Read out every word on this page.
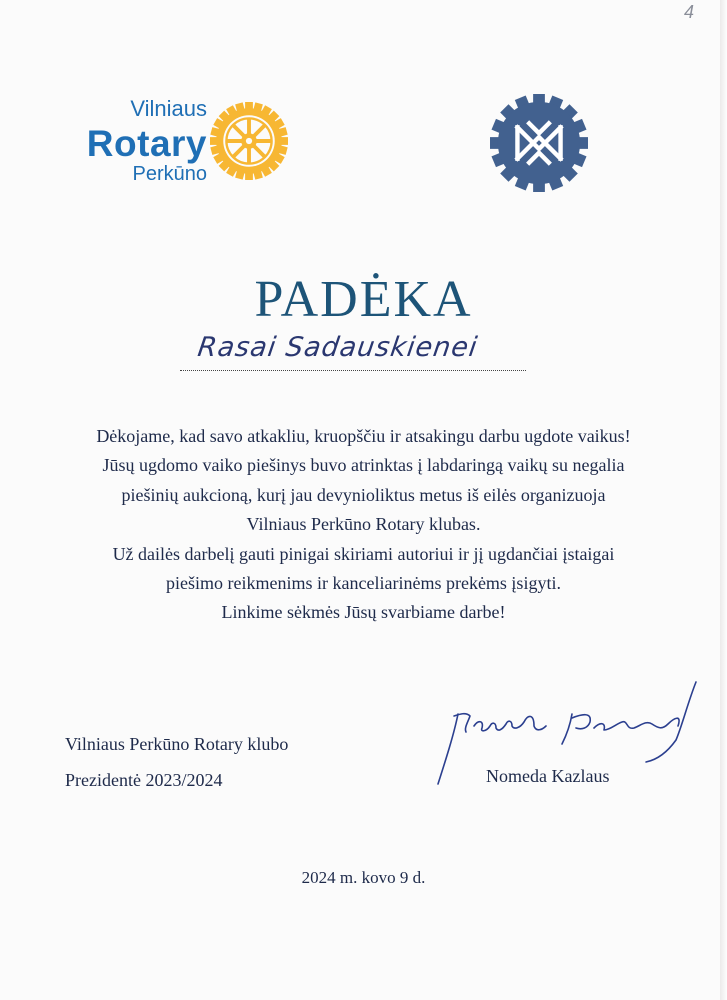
4
Vilniaus
Rotary
Perkūno
PADĖKA
Rasai Sadauskienei
Dėkojame, kad savo atkakliu, kruopščiu ir atsakingu darbu ugdote vaikus!
Jūsų ugdomo vaiko piešinys buvo atrinktas į labdaringą vaikų su negalia
piešinių aukcioną, kurį jau devynioliktus metus iš eilės organizuoja
Vilniaus Perkūno Rotary klubas.
Už dailės darbelį gauti pinigai skiriami autoriui ir jį ugdančiai įstaigai
piešimo reikmenims ir kanceliarinėms prekėms įsigyti.
Linkime sėkmės Jūsų svarbiame darbe!
Vilniaus Perkūno Rotary klubo
Prezidentė 2023/2024	Nomeda Kazlaus
2024 m. kovo 9 d.
